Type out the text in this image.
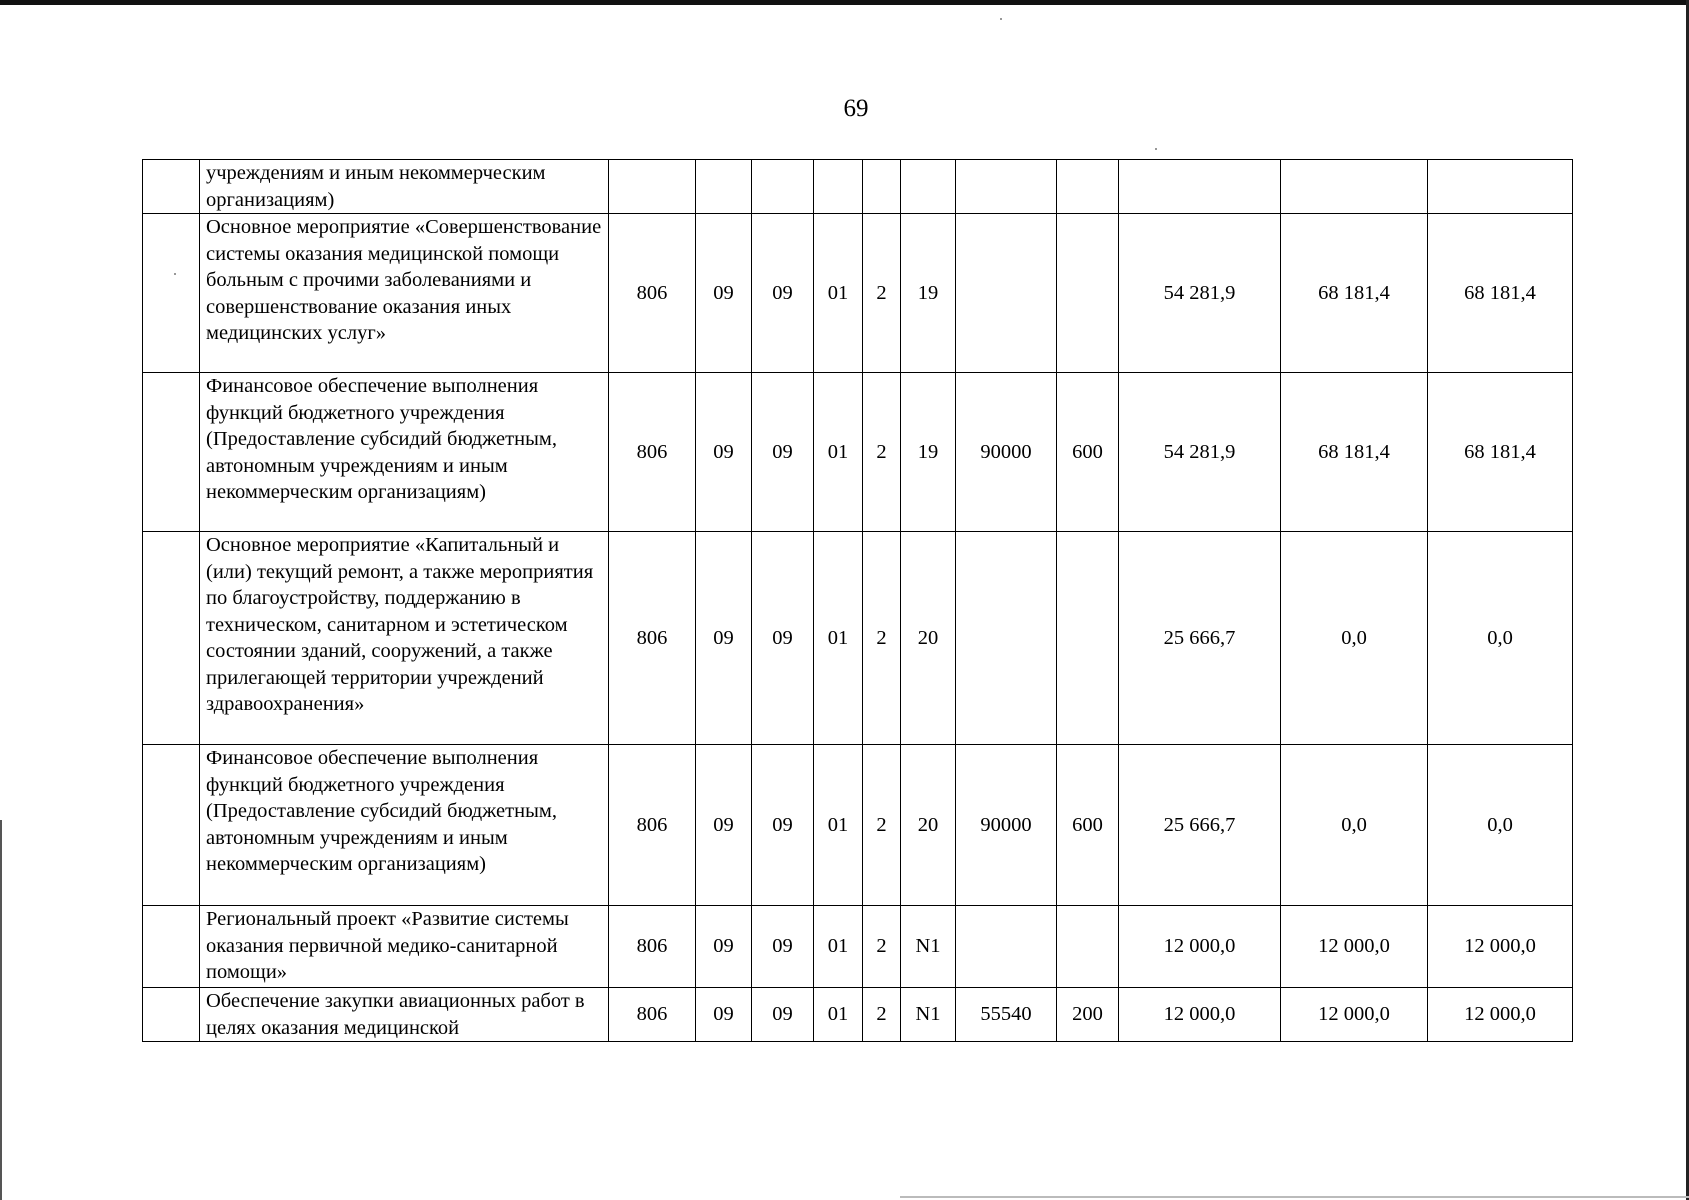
69

	учреждениям и иным некоммерческим организациям)											

	Основное мероприятие «Совершенствование системы оказания медицинской помощи больным с прочими заболеваниями и совершенствование оказания иных медицинских услуг»	806	09	09	01	2	19			54 281,9	68 181,4	68 181,4

	Финансовое обеспечение выполнения функций бюджетного учреждения (Предоставление субсидий бюджетным, автономным учреждениям и иным некоммерческим организациям)	806	09	09	01	2	19	90000	600	54 281,9	68 181,4	68 181,4

	Основное мероприятие «Капитальный и (или) текущий ремонт, а также мероприятия по благоустройству, поддержанию в техническом, санитарном и эстетическом состоянии зданий, сооружений, а также прилегающей территории учреждений здравоохранения»	806	09	09	01	2	20			25 666,7	0,0	0,0

	Финансовое обеспечение выполнения функций бюджетного учреждения (Предоставление субсидий бюджетным, автономным учреждениям и иным некоммерческим организациям)	806	09	09	01	2	20	90000	600	25 666,7	0,0	0,0

	Региональный проект «Развитие системы оказания первичной медико-санитарной помощи»	806	09	09	01	2	N1			12 000,0	12 000,0	12 000,0

	Обеспечение закупки авиационных работ в целях оказания медицинской	806	09	09	01	2	N1	55540	200	12 000,0	12 000,0	12 000,0
